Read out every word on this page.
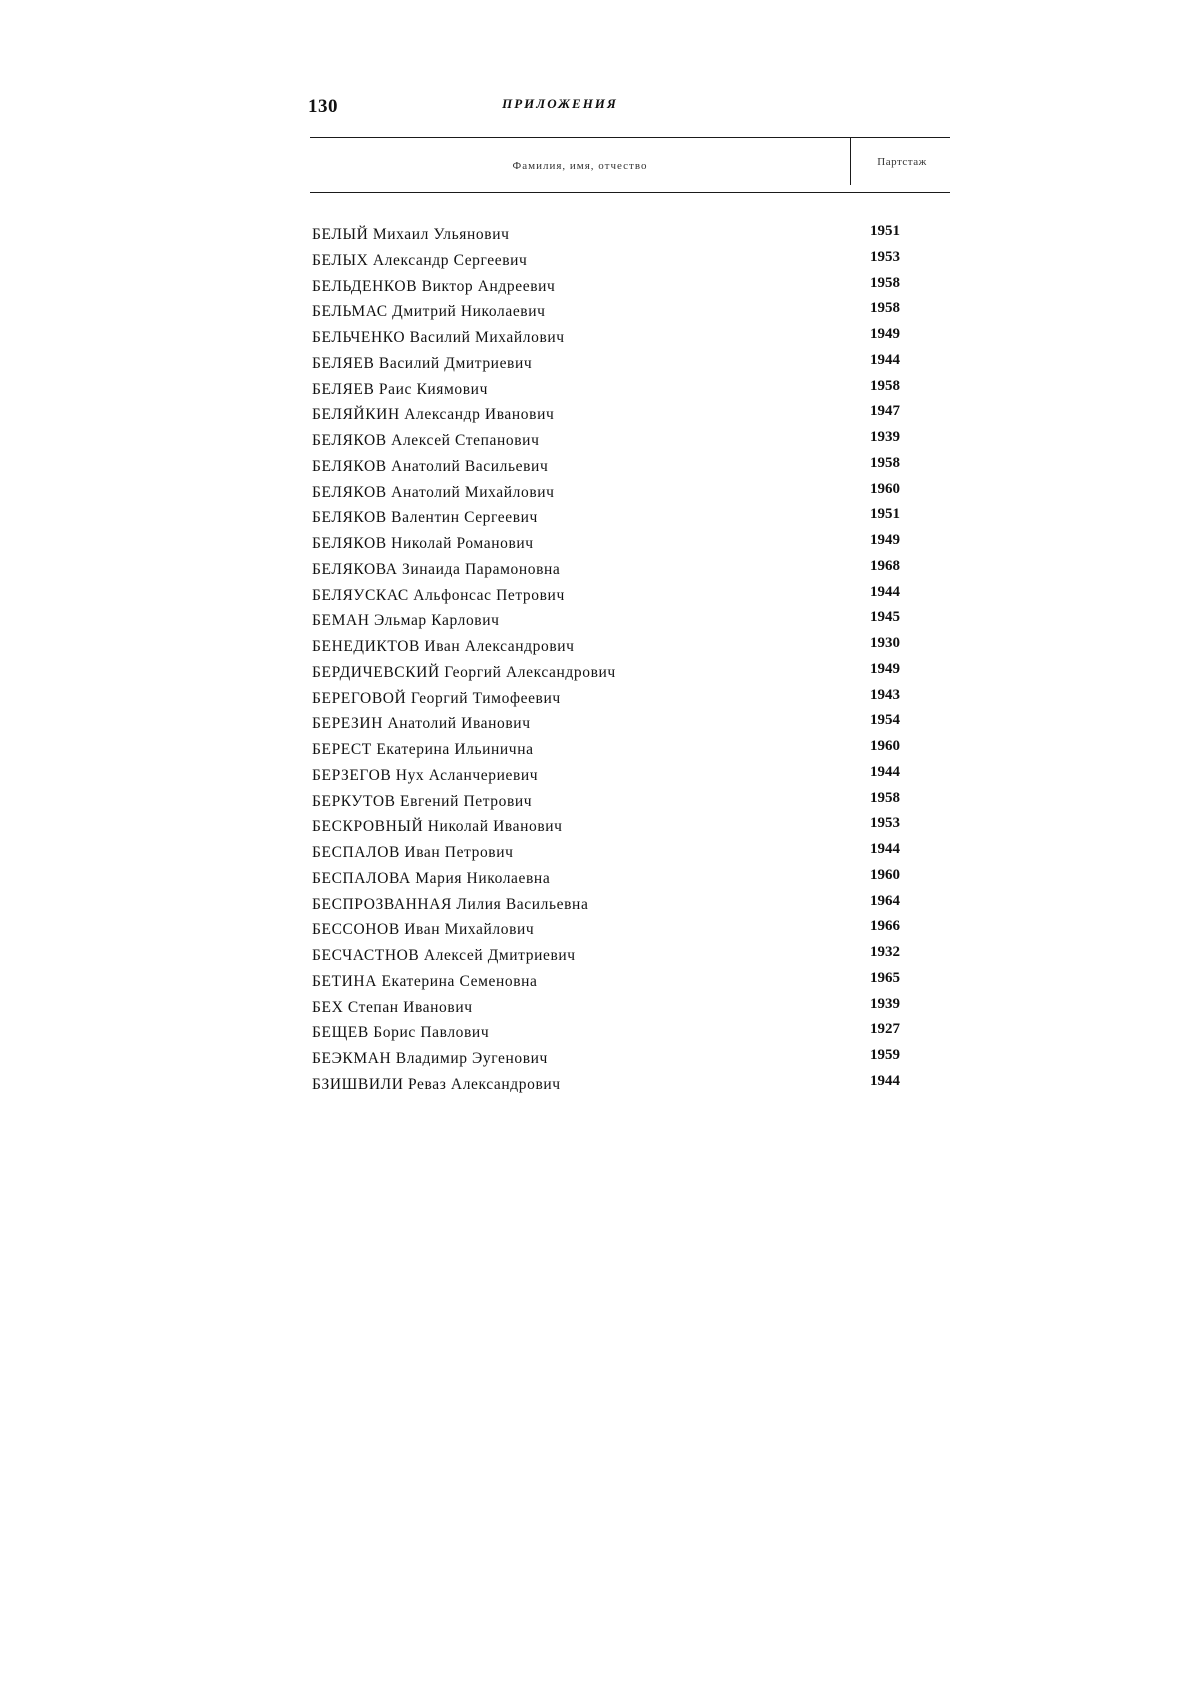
130	ПРИЛОЖЕНИЯ
Фамилия, имя, отчество	Партстаж
БЕЛЫЙ Михаил Ульянович	1951
БЕЛЫХ Александр Сергеевич	1953
БЕЛЬДЕНКОВ Виктор Андреевич	1958
БЕЛЬМАС Дмитрий Николаевич	1958
БЕЛЬЧЕНКО Василий Михайлович	1949
БЕЛЯЕВ Василий Дмитриевич	1944
БЕЛЯЕВ Раис Киямович	1958
БЕЛЯЙКИН Александр Иванович	1947
БЕЛЯКОВ Алексей Степанович	1939
БЕЛЯКОВ Анатолий Васильевич	1958
БЕЛЯКОВ Анатолий Михайлович	1960
БЕЛЯКОВ Валентин Сергеевич	1951
БЕЛЯКОВ Николай Романович	1949
БЕЛЯКОВА Зинаида Парамоновна	1968
БЕЛЯУСКАС Альфонсас Петрович	1944
БЕМАН Эльмар Карлович	1945
БЕНЕДИКТОВ Иван Александрович	1930
БЕРДИЧЕВСКИЙ Георгий Александрович	1949
БЕРЕГОВОЙ Георгий Тимофеевич	1943
БЕРЕЗИН Анатолий Иванович	1954
БЕРЕСТ Екатерина Ильинична	1960
БЕРЗЕГОВ Нух Асланчериевич	1944
БЕРКУТОВ Евгений Петрович	1958
БЕСКРОВНЫЙ Николай Иванович	1953
БЕСПАЛОВ Иван Петрович	1944
БЕСПАЛОВА Мария Николаевна	1960
БЕСПРОЗВАННАЯ Лилия Васильевна	1964
БЕССОНОВ Иван Михайлович	1966
БЕСЧАСТНОВ Алексей Дмитриевич	1932
БЕТИНА Екатерина Семеновна	1965
БЕХ Степан Иванович	1939
БЕЩЕВ Борис Павлович	1927
БЕЭКМАН Владимир Эугенович	1959
БЗИШВИЛИ Реваз Александрович	1944
